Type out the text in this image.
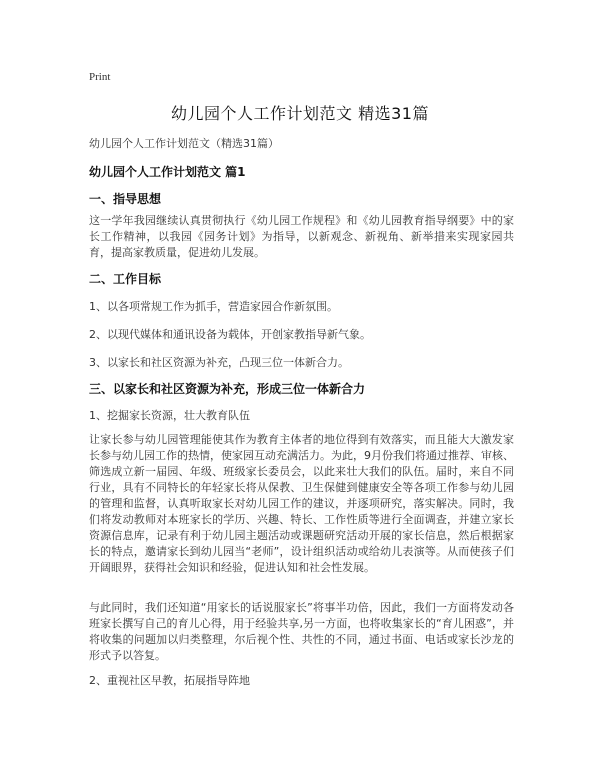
Print
幼儿园个人工作计划范文 精选31篇
幼儿园个人工作计划范文（精选31篇）
幼儿园个人工作计划范文 篇1
一、指导思想
这一学年我园继续认真贯彻执行《幼儿园工作规程》和《幼儿园教育指导纲要》中的家长工作精神，以我园《园务计划》为指导，以新观念、新视角、新举措来实现家园共育，提高家教质量，促进幼儿发展。
二、工作目标
1、以各项常规工作为抓手，营造家园合作新氛围。
2、以现代媒体和通讯设备为载体，开创家教指导新气象。
3、以家长和社区资源为补充，凸现三位一体新合力。
三、以家长和社区资源为补充，形成三位一体新合力
1、挖掘家长资源，壮大教育队伍
让家长参与幼儿园管理能使其作为教育主体者的地位得到有效落实，而且能大大激发家长参与幼儿园工作的热情，使家园互动充满活力。为此，9月份我们将通过推荐、审核、筛选成立新一届园、年级、班级家长委员会，以此来壮大我们的队伍。届时，来自不同行业，具有不同特长的年轻家长将从保教、卫生保健到健康安全等各项工作参与幼儿园的管理和监督，认真听取家长对幼儿园工作的建议，并逐项研究，落实解决。同时，我们将发动教师对本班家长的学历、兴趣、特长、工作性质等进行全面调查，并建立家长资源信息库，记录有利于幼儿园主题活动或课题研究活动开展的家长信息，然后根据家长的特点，邀请家长到幼儿园当“老师”，设计组织活动或给幼儿表演等。从而使孩子们开阔眼界，获得社会知识和经验，促进认知和社会性发展。
与此同时，我们还知道“用家长的话说服家长”将事半功倍，因此，我们一方面将发动各班家长撰写自己的育儿心得，用于经验共享,另一方面，也将收集家长的“育儿困惑”，并将收集的问题加以归类整理，尔后视个性、共性的不同，通过书面、电话或家长沙龙的形式予以答复。
2、重视社区早教，拓展指导阵地
